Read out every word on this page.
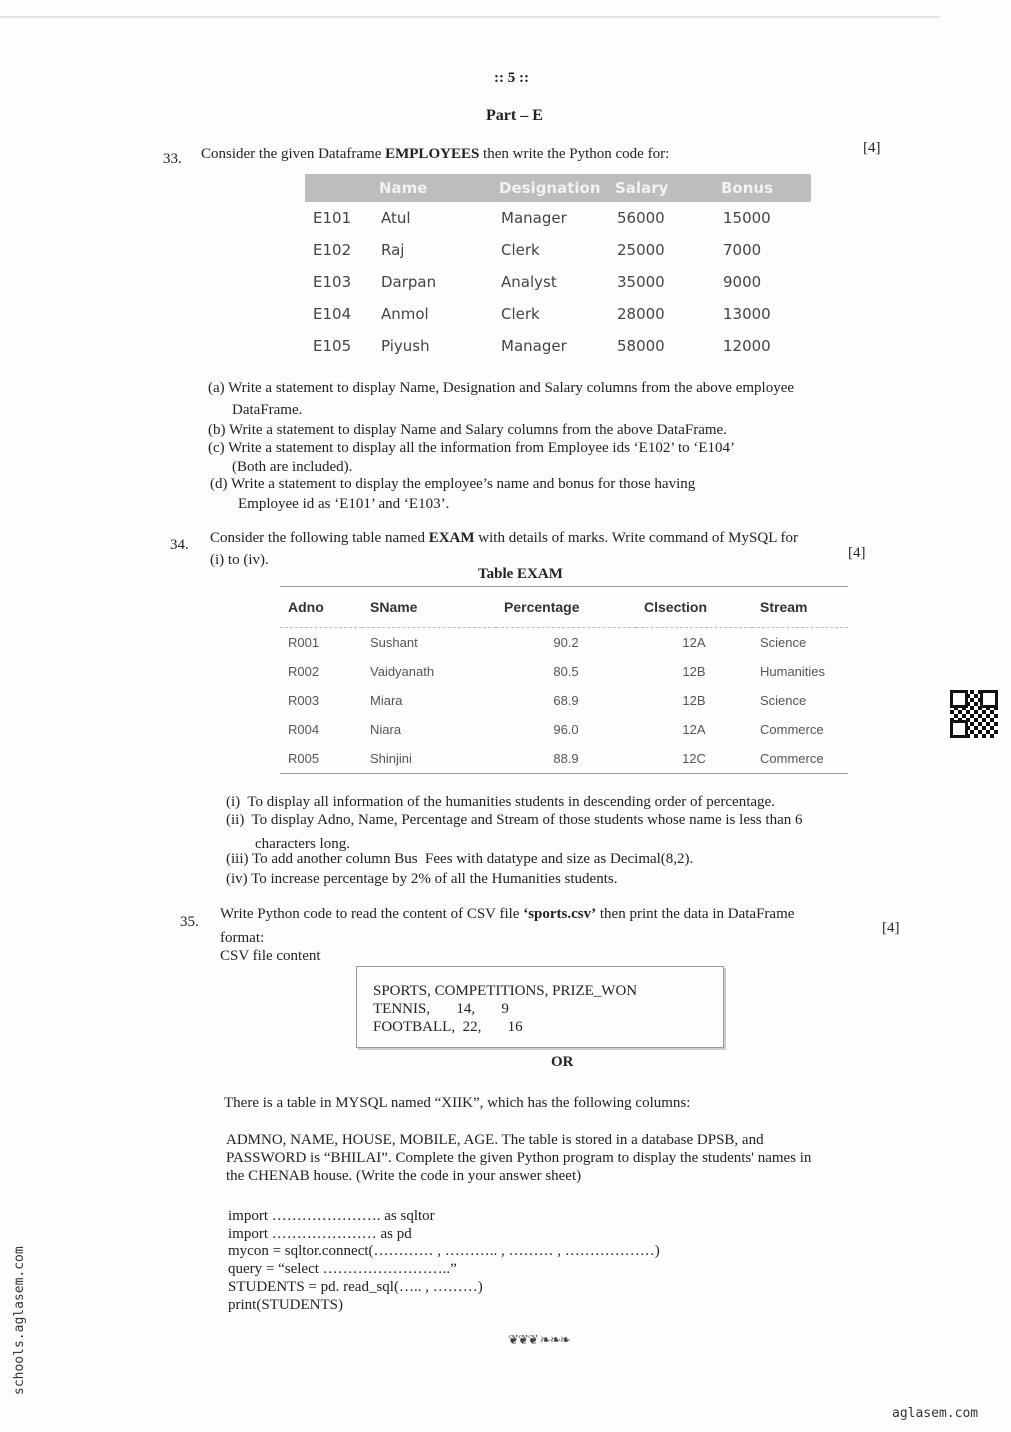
:: 5 ::
Part – E
33. Consider the given Dataframe EMPLOYEES then write the Python code for:	[4]
	Name	Designation	Salary	Bonus
E101	Atul	Manager	56000	15000
E102	Raj	Clerk	25000	7000
E103	Darpan	Analyst	35000	9000
E104	Anmol	Clerk	28000	13000
E105	Piyush	Manager	58000	12000
(a) Write a statement to display Name, Designation and Salary columns from the above employee
DataFrame.
(b) Write a statement to display Name and Salary columns from the above DataFrame.
(c) Write a statement to display all the information from Employee ids ‘E102’ to ‘E104’
(Both are included).
(d) Write a statement to display the employee’s name and bonus for those having
Employee id as ‘E101’ and ‘E103’.
34. Consider the following table named EXAM with details of marks. Write command of MySQL for
(i) to (iv).	[4]
Table EXAM
Adno	SName	Percentage	Clsection	Stream
R001	Sushant	90.2	12A	Science
R002	Vaidyanath	80.5	12B	Humanities
R003	Miara	68.9	12B	Science
R004	Niara	96.0	12A	Commerce
R005	Shinjini	88.9	12C	Commerce
(i)  To display all information of the humanities students in descending order of percentage.
(ii)  To display Adno, Name, Percentage and Stream of those students whose name is less than 6
characters long.
(iii) To add another column Bus  Fees with datatype and size as Decimal(8,2).
(iv) To increase percentage by 2% of all the Humanities students.
35. Write Python code to read the content of CSV file ‘sports.csv’ then print the data in DataFrame
format:
CSV file content
[4]
SPORTS, COMPETITIONS, PRIZE_WON
TENNIS,       14,       9
FOOTBALL,  22,       16
OR
There is a table in MYSQL named “XIIK”, which has the following columns:
ADMNO, NAME, HOUSE, MOBILE, AGE. The table is stored in a database DPSB, and
PASSWORD is “BHILAI”. Complete the given Python program to display the students' names in
the CHENAB house. (Write the code in your answer sheet)
import …………………. as sqltor
import ………………… as pd
mycon = sqltor.connect(………… , ……….. , ……… , ………………)
query = “select ……………………..”
STUDENTS = pd. read_sql(….. , ………)
print(STUDENTS)
❦❦❦ ❧❧❧
schools.aglasem.com
aglasem.com
